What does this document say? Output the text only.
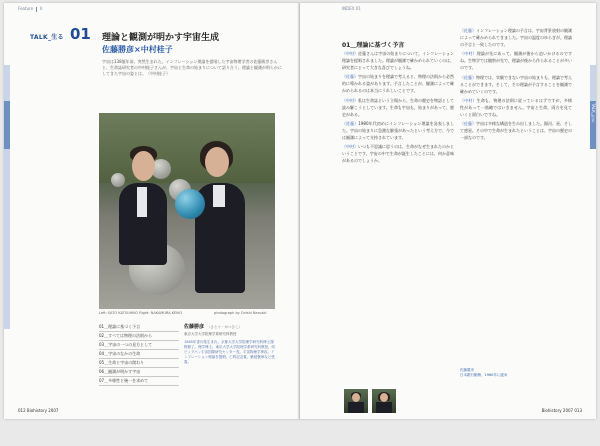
Feature II
TALK_生る 01 理論と観測が明かす宇宙生成
佐藤勝彦×中村桂子
宇宙は138億年前、突然生まれた。インフレーション理論を提唱した宇宙物理学者の佐藤勝彦さんと、生命誌研究者の中村桂子さんが、宇宙と生命の始まりについて語り合う。理論と観測が明らかにしてきた宇宙の姿とは。（中村桂子）
Left: SATO KATSUHIKO Right: NAKAMURA KEIKO	photograph by Onishi Naruaki
01＿理論に基づく予言
02＿すべては物理の法則から
03＿宇宙の一つの見方として
04＿宇宙のなかの生命
05＿生命と宇宙の関わり
06＿観測が明かす宇宙
07＿多様性と統一を求めて
佐藤勝彦 （さとう・かつひこ）
東京大学大学院理学系研究科教授
1945年香川県生まれ。京都大学大学院理学研究科博士課程修了。理学博士。東京大学大学院理学系研究科教授、同ビッグバン宇宙国際研究センター長。宇宙物理学専攻。インフレーション理論を提唱。仁科記念賞、紫綬褒章など受賞。
012 Biohistory 2007
INDEX 01
TALK_生る
01＿理論に基づく予言

（中村）佐藤さんは宇宙の始まりについて、インフレーション理論を提唱されました。理論が観測で確かめられていくのは、研究者にとって大きな喜びでしょうね。

（佐藤）宇宙の始まりを理論で考えると、物理の法則から必然的に導かれる姿があります。予言したことが、観測によって確かめられるのは本当にうれしいことです。

（中村）私は生命誌という立場から、生命の歴史を物語として読み解こうとしています。生命も宇宙も、始まりがあって、歴史がある。

（佐藤）1980年代初めにインフレーション理論を発表しました。宇宙の始まりに急激な膨張があったという考え方で、今では観測によって支持されています。

（中村）いつも不思議に思うのは、生命がなぜ生まれたのかということです。宇宙の中で生命が誕生したことには、何か意味があるのでしょうか。

（佐藤）インフレーション理論の予言は、宇宙背景放射の観測によって確かめられてきました。宇宙の温度のゆらぎが、理論の予言と一致したのです。

（中村）理論が先にあって、観測が後から追いかけるのですね。生物学では観察が先で、理論が後から作られることが多いのです。

（佐藤）物理では、実験できない宇宙の始まりも、理論で考えることができます。そして、その理論が予言することを観測で確かめていくのです。

（中村）生命も、物理の法則に従っているはずですが、多様性があって一筋縄ではいきません。宇宙と生命、両方を見ていくと面白いですね。

（佐藤）宇宙は多様な構造を生み出しました。銀河、星、そして惑星。その中で生命が生まれたということは、宇宙の歴史の一部なのです。

佐藤勝彦
日本銀行勤務、1960年に渡米
Biohistory 2007 013
